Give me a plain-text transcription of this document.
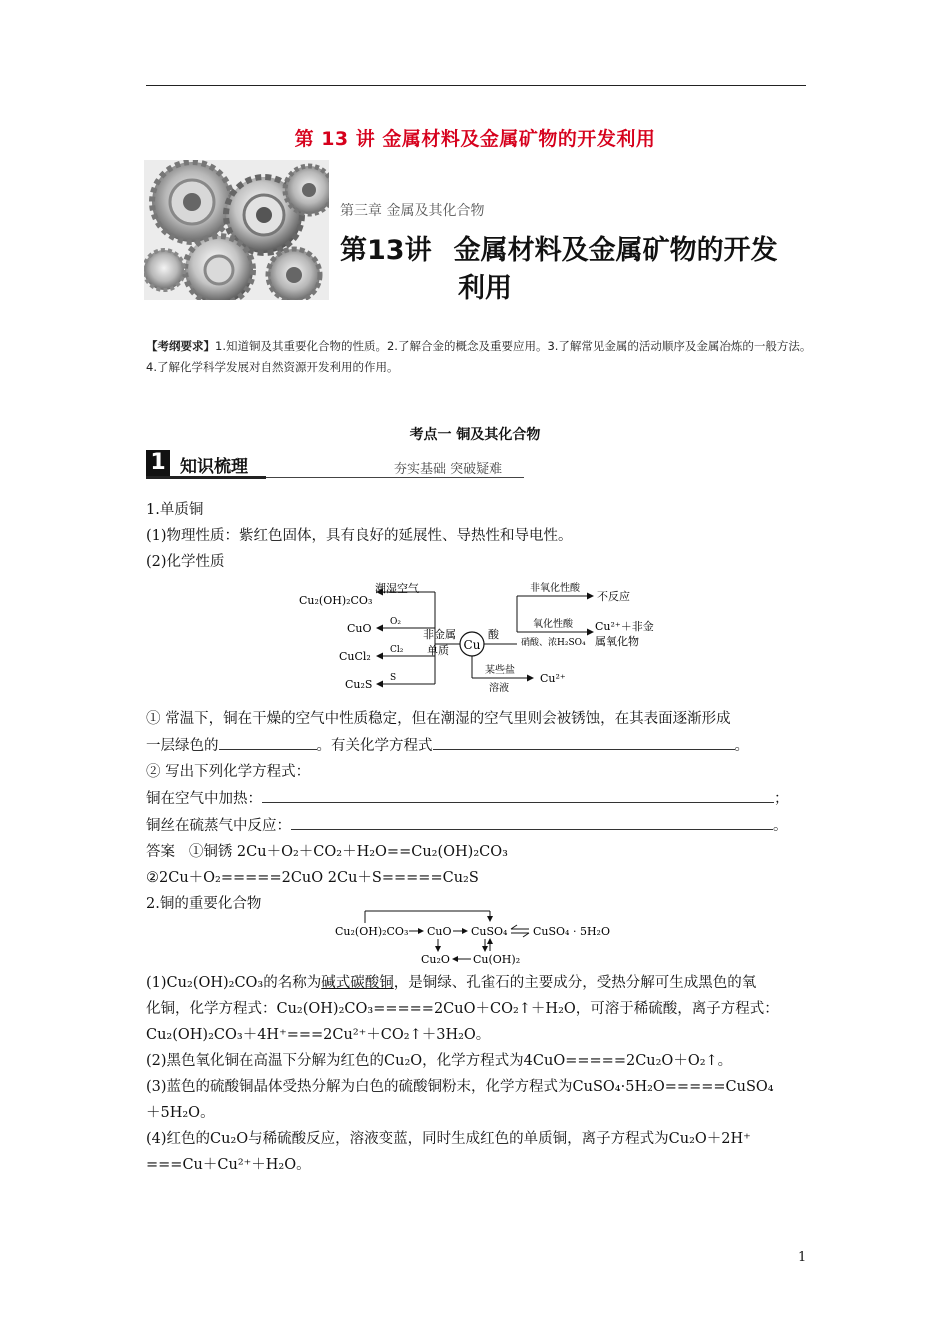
第 13 讲 金属材料及金属矿物的开发利用
第三章 金属及其化合物
第13讲 金属材料及金属矿物的开发
利用
【考纲要求】1.知道铜及其重要化合物的性质。2.了解合金的概念及重要应用。3.了解常见金属的活动顺序及金属冶炼的一般方法。4.了解化学科学发展对自然资源开发利用的作用。
考点一 铜及其化合物
1 知识梳理	夯实基础 突破疑难
1.单质铜
(1)物理性质：紫红色固体，具有良好的延展性、导热性和导电性。
(2)化学性质
Cu
Cu₂(OH)₂CO₃
潮湿空气
CuO O₂
CuCl₂ Cl₂
Cu₂S S
非金属
单质
酸
非氧化性酸
不反应
氧化性酸
硝酸、浓H₂SO₄
Cu²⁺＋非金
属氧化物
某些盐
溶液
Cu²⁺
① 常温下，铜在干燥的空气中性质稳定，但在潮湿的空气里则会被锈蚀，在其表面逐渐形成
一层绿色的	。有关化学方程式	。
② 写出下列化学方程式：
铜在空气中加热：	；
铜丝在硫蒸气中反应：	。
答案 ①铜锈 2Cu＋O₂＋CO₂＋H₂O==Cu₂(OH)₂CO₃
②2Cu＋O₂=====2CuO 2Cu＋S=====Cu₂S
2.铜的重要化合物
Cu₂(OH)₂CO₃ CuO CuSO₄ CuSO₄ · 5H₂O
Cu₂O Cu(OH)₂
(1)Cu₂(OH)₂CO₃的名称为碱式碳酸铜，是铜绿、孔雀石的主要成分，受热分解可生成黑色的氧
化铜，化学方程式：Cu₂(OH)₂CO₃=====2CuO＋CO₂↑＋H₂O，可溶于稀硫酸，离子方程式：
Cu₂(OH)₂CO₃＋4H⁺===2Cu²⁺＋CO₂↑＋3H₂O。
(2)黑色氧化铜在高温下分解为红色的Cu₂O，化学方程式为4CuO=====2Cu₂O＋O₂↑。
(3)蓝色的硫酸铜晶体受热分解为白色的硫酸铜粉末，化学方程式为CuSO₄·5H₂O=====CuSO₄
＋5H₂O。
(4)红色的Cu₂O与稀硫酸反应，溶液变蓝，同时生成红色的单质铜，离子方程式为Cu₂O＋2H⁺
===Cu＋Cu²⁺＋H₂O。
1
